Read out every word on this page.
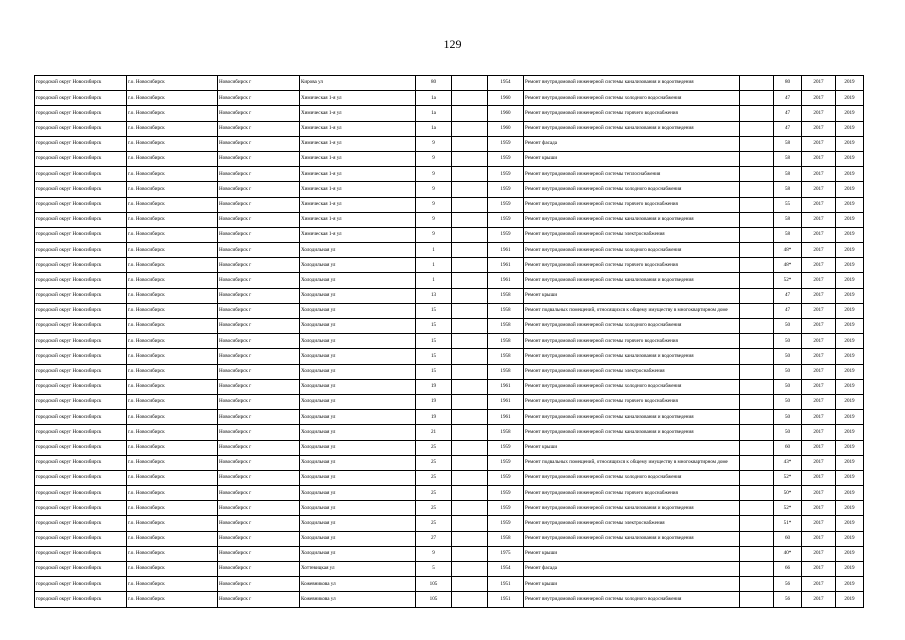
129
городской округ Новосибирск	г.о. Новосибирск	Новосибирск г	Кирова ул	80		1954	Ремонт внутридомовой инженерной системы канализования и водоотведения		80	2017	2019
городской округ Новосибирск	г.о. Новосибирск	Новосибирск г	Химическая 1-я ул	1а		1960	Ремонт внутридомовой инженерной системы холодного водоснабжения		47	2017	2019
городской округ Новосибирск	г.о. Новосибирск	Новосибирск г	Химическая 1-я ул	1а		1960	Ремонт внутридомовой инженерной системы горячего водоснабжения		47	2017	2019
городской округ Новосибирск	г.о. Новосибирск	Новосибирск г	Химическая 1-я ул	1а		1960	Ремонт внутридомовой инженерной системы канализования и водоотведения		47	2017	2019
городской округ Новосибирск	г.о. Новосибирск	Новосибирск г	Химическая 1-я ул	9		1959	Ремонт фасада		58	2017	2019
городской округ Новосибирск	г.о. Новосибирск	Новосибирск г	Химическая 1-я ул	9		1959	Ремонт крыши		58	2017	2019
городской округ Новосибирск	г.о. Новосибирск	Новосибирск г	Химическая 1-я ул	9		1959	Ремонт внутридомовой инженерной системы теплоснабжения		58	2017	2019
городской округ Новосибирск	г.о. Новосибирск	Новосибирск г	Химическая 1-я ул	9		1959	Ремонт внутридомовой инженерной системы холодного водоснабжения		58	2017	2019
городской округ Новосибирск	г.о. Новосибирск	Новосибирск г	Химическая 1-я ул	9		1959	Ремонт внутридомовой инженерной системы горячего водоснабжения		55	2017	2019
городской округ Новосибирск	г.о. Новосибирск	Новосибирск г	Химическая 1-я ул	9		1959	Ремонт внутридомовой инженерной системы канализования и водоотведения		58	2017	2019
городской округ Новосибирск	г.о. Новосибирск	Новосибирск г	Химическая 1-я ул	9		1959	Ремонт внутридомовой инженерной системы электроснабжения		58	2017	2019
городской округ Новосибирск	г.о. Новосибирск	Новосибирск г	Холодильная ул	1		1961	Ремонт внутридомовой инженерной системы холодного водоснабжения		48*	2017	2019
городской округ Новосибирск	г.о. Новосибирск	Новосибирск г	Холодильная ул	1		1961	Ремонт внутридомовой инженерной системы горячего водоснабжения		48*	2017	2019
городской округ Новосибирск	г.о. Новосибирск	Новосибирск г	Холодильная ул	1		1961	Ремонт внутридомовой инженерной системы канализования и водоотведения		52*	2017	2019
городской округ Новосибирск	г.о. Новосибирск	Новосибирск г	Холодильная ул	13		1958	Ремонт крыши		47	2017	2019
городской округ Новосибирск	г.о. Новосибирск	Новосибирск г	Холодильная ул	15		1958	Ремонт подвальных помещений, относящихся к общему имуществу в многоквартирном доме		47	2017	2019
городской округ Новосибирск	г.о. Новосибирск	Новосибирск г	Холодильная ул	15		1958	Ремонт внутридомовой инженерной системы холодного водоснабжения		50	2017	2019
городской округ Новосибирск	г.о. Новосибирск	Новосибирск г	Холодильная ул	15		1958	Ремонт внутридомовой инженерной системы горячего водоснабжения		50	2017	2019
городской округ Новосибирск	г.о. Новосибирск	Новосибирск г	Холодильная ул	15		1958	Ремонт внутридомовой инженерной системы канализования и водоотведения		50	2017	2019
городской округ Новосибирск	г.о. Новосибирск	Новосибирск г	Холодильная ул	15		1958	Ремонт внутридомовой инженерной системы электроснабжения		50	2017	2019
городской округ Новосибирск	г.о. Новосибирск	Новосибирск г	Холодильная ул	19		1961	Ремонт внутридомовой инженерной системы холодного водоснабжения		50	2017	2019
городской округ Новосибирск	г.о. Новосибирск	Новосибирск г	Холодильная ул	19		1961	Ремонт внутридомовой инженерной системы горячего водоснабжения		50	2017	2019
городской округ Новосибирск	г.о. Новосибирск	Новосибирск г	Холодильная ул	19		1961	Ремонт внутридомовой инженерной системы канализования и водоотведения		50	2017	2019
городской округ Новосибирск	г.о. Новосибирск	Новосибирск г	Холодильная ул	21		1958	Ремонт внутридомовой инженерной системы канализования и водоотведения		50	2017	2019
городской округ Новосибирск	г.о. Новосибирск	Новосибирск г	Холодильная ул	25		1959	Ремонт крыши		60	2017	2019
городской округ Новосибирск	г.о. Новосибирск	Новосибирск г	Холодильная ул	25		1959	Ремонт подвальных помещений, относящихся к общему имуществу в многоквартирном доме		43*	2017	2019
городской округ Новосибирск	г.о. Новосибирск	Новосибирск г	Холодильная ул	25		1959	Ремонт внутридомовой инженерной системы холодного водоснабжения		52*	2017	2019
городской округ Новосибирск	г.о. Новосибирск	Новосибирск г	Холодильная ул	25		1959	Ремонт внутридомовой инженерной системы горячего водоснабжения		50*	2017	2019
городской округ Новосибирск	г.о. Новосибирск	Новосибирск г	Холодильная ул	25		1959	Ремонт внутридомовой инженерной системы канализования и водоотведения		52*	2017	2019
городской округ Новосибирск	г.о. Новосибирск	Новосибирск г	Холодильная ул	25		1959	Ремонт внутридомовой инженерной системы электроснабжения		51*	2017	2019
городской округ Новосибирск	г.о. Новосибирск	Новосибирск г	Холодильная ул	27		1958	Ремонт внутридомовой инженерной системы канализования и водоотведения		60	2017	2019
городской округ Новосибирск	г.о. Новосибирск	Новосибирск г	Холодильная ул	9		1975	Ремонт крыши		40*	2017	2019
городской округ Новосибирск	г.о. Новосибирск	Новосибирск г	Хоттевицкая ул	5		1954	Ремонт фасада		66	2017	2019
городской округ Новосибирск	г.о. Новосибирск	Новосибирск г	Кожевникова ул	105		1951	Ремонт крыши		56	2017	2019
городской округ Новосибирск	г.о. Новосибирск	Новосибирск г	Кожевникова ул	105		1951	Ремонт внутридомовой инженерной системы холодного водоснабжения		56	2017	2019
